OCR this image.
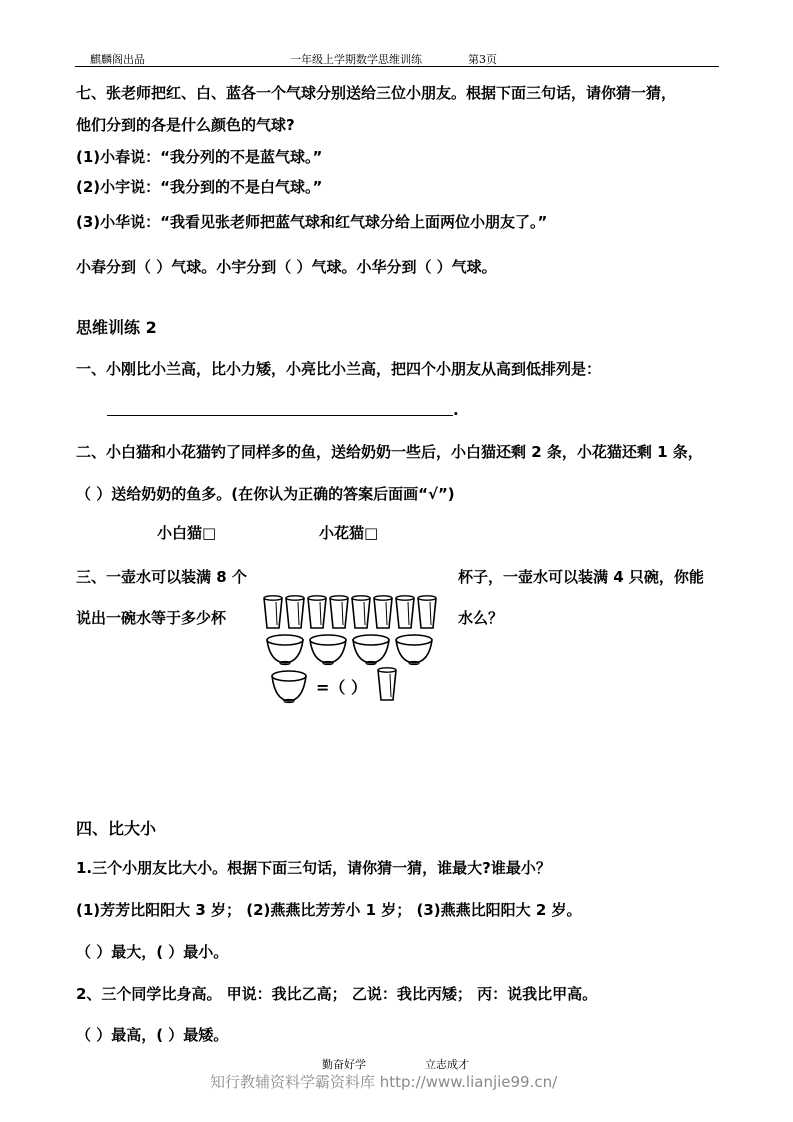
麒麟阁出品	一年级上学期数学思维训练	第3页
七、张老师把红、白、蓝各一个气球分别送给三位小朋友。根据下面三句话，请你猜一猜，
他们分到的各是什么颜色的气球?
(1)小春说：“我分列的不是蓝气球。”
(2)小宇说：“我分到的不是白气球。”
(3)小华说：“我看见张老师把蓝气球和红气球分给上面两位小朋友了。”
小春分到（ ）气球。小宇分到（ ）气球。小华分到（ ）气球。
思维训练 2
一、小刚比小兰高，比小力矮，小亮比小兰高，把四个小朋友从高到低排列是：
.
二、小白猫和小花猫钓了同样多的鱼，送给奶奶一些后，小白猫还剩 2 条，小花猫还剩 1 条，
（ ）送给奶奶的鱼多。(在你认为正确的答案后面画“√”)
小白猫□	小花猫□
三、一壶水可以装满 8 个	杯子，一壶水可以装满 4 只碗，你能
说出一碗水等于多少杯	水么？
=（ ）
四、比大小
1.三个小朋友比大小。根据下面三句话，请你猜一猜，谁最大?谁最小？
(1)芳芳比阳阳大 3 岁； (2)燕燕比芳芳小 1 岁； (3)燕燕比阳阳大 2 岁。
（ ）最大，( ）最小。
2、三个同学比身高。 甲说：我比乙高； 乙说：我比丙矮； 丙：说我比甲高。
（ ）最高，( ）最矮。
勤奋好学	立志成才
知行教辅资料学霸资料库 http://www.lianjie99.cn/
